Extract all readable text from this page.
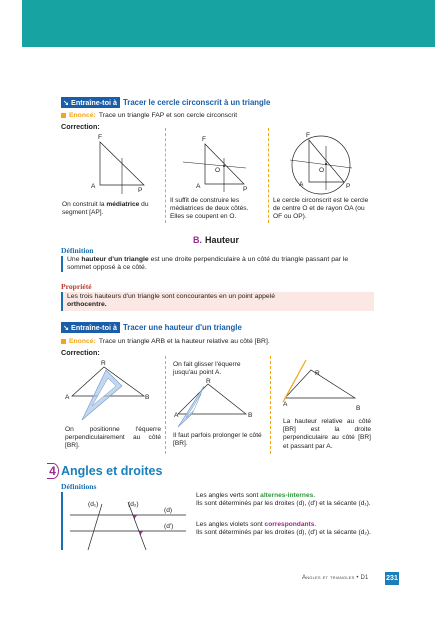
↘ Entraîne-toi à Tracer le cercle circonscrit à un triangle
Enoncé: Trace un triangle FAP et son cercle circonscrit
Correction:
F
A
P
On construit la médiatrice du segment [AP].
F
O
A	P
Il suffit de construire les médiatrices de deux côtés. Elles se coupent en O.
F
O
A	P
Le cercle circonscrit est le cercle de centre O et de rayon OA (ou OF ou OP).
B. Hauteur
Définition
Une hauteur d'un triangle est une droite perpendiculaire à un côté du triangle passant par le sommet opposé à ce côté.
Propriété
Les trois hauteurs d'un triangle sont concourantes en un point appelé
orthocentre.
↘ Entraîne-toi à Tracer une hauteur d'un triangle
Enoncé: Trace un triangle ARB et la hauteur relative au côté [BR].
Correction:
R
A	B
On positionne l'équerre perpendiculairement au côté [BR].
On fait glisser l'équerre jusqu'au point A.
R
A	B
Il faut parfois prolonger le côté [BR].
R
A
B
La hauteur relative au côté [BR] est la droite perpendiculaire au côté [BR] et passant par A.
4 Angles et droites
Définitions
(d₁)	(d₂)
(d)
(d')
Les angles verts sont alternes-internes.
Ils sont déterminés par les droites (d), (d') et la sécante (d₁).
Les angles violets sont correspondants.
Ils sont déterminés par les droites (d), (d') et la sécante (d₂).
Angles et triangles • D1	231
